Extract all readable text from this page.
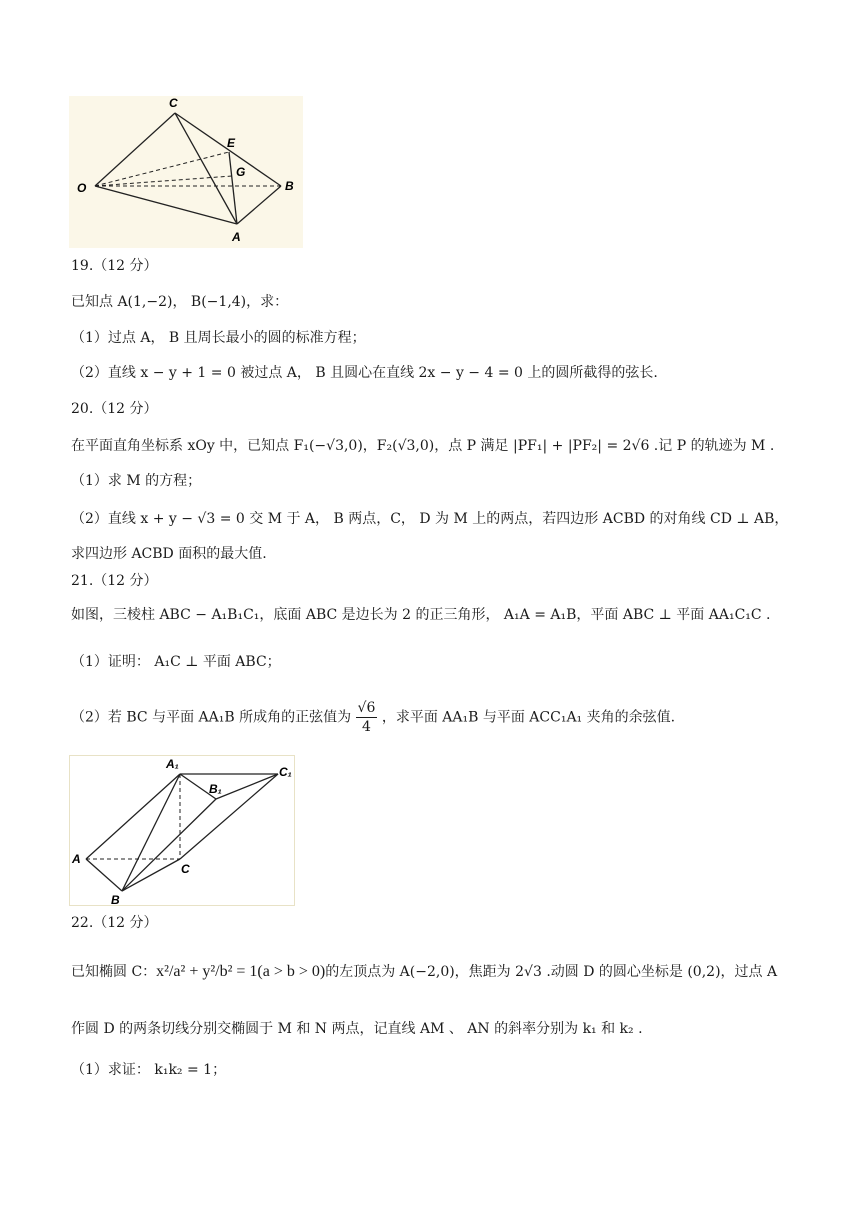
C
E
G
O	B
A
19.（12 分）
已知点 A(1,−2)， B(−1,4)，求：
（1）过点 A， B 且周长最小的圆的标准方程；
（2）直线 x − y + 1 = 0 被过点 A， B 且圆心在直线 2x − y − 4 = 0 上的圆所截得的弦长.
20.（12 分）
在平面直角坐标系 xOy 中，已知点 F₁(−√3,0)，F₂(√3,0)，点 P 满足 |PF₁| + |PF₂| = 2√6 .记 P 的轨迹为 M .
（1）求 M 的方程；
（2）直线 x + y − √3 = 0 交 M 于 A， B 两点，C， D 为 M 上的两点，若四边形 ACBD 的对角线 CD ⊥ AB，
求四边形 ACBD 面积的最大值.
21.（12 分）
如图，三棱柱 ABC − A₁B₁C₁，底面 ABC 是边长为 2 的正三角形， A₁A = A₁B，平面 ABC ⊥ 平面 AA₁C₁C .
（1）证明： A₁C ⊥ 平面 ABC；
（2）若 BC 与平面 AA₁B 所成角的正弦值为 $\frac{√6}{4}$ ，求平面 AA₁B 与平面 ACC₁A₁ 夹角的余弦值.
A₁
C₁
B₁
A
C
B
22.（12 分）
已知椭圆 C：x²/a² + y²/b² = 1(a > b > 0)的左顶点为 A(−2,0)，焦距为 2√3 .动圆 D 的圆心坐标是 (0,2)，过点 A
作圆 D 的两条切线分别交椭圆于 M 和 N 两点，记直线 AM 、 AN 的斜率分别为 k₁ 和 k₂ .
（1）求证： k₁k₂ = 1；
